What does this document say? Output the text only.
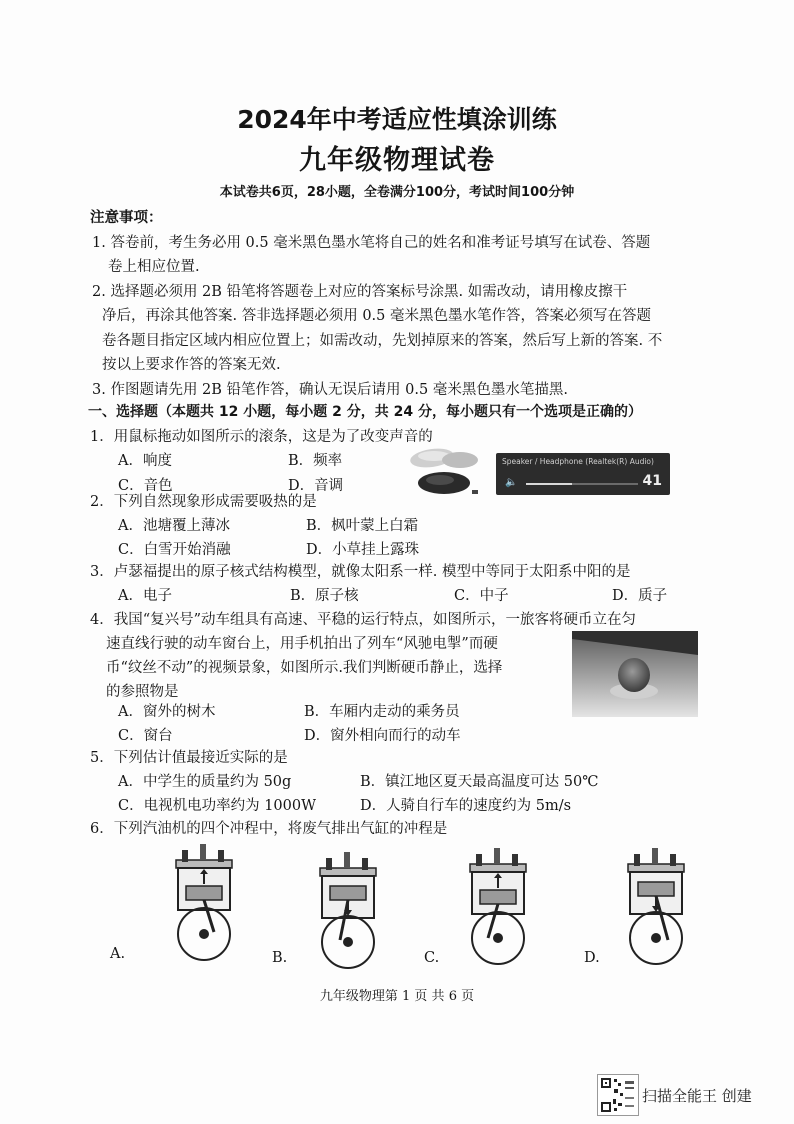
2024年中考适应性填涂训练
九年级物理试卷
本试卷共6页，28小题，全卷满分100分，考试时间100分钟
注意事项：
1. 答卷前，考生务必用 0.5 毫米黑色墨水笔将自己的姓名和准考证号填写在试卷、答题
卷上相应位置.
2. 选择题必须用 2B 铅笔将答题卷上对应的答案标号涂黑. 如需改动，请用橡皮擦干
净后，再涂其他答案. 答非选择题必须用 0.5 毫米黑色墨水笔作答，答案必须写在答题
卷各题目指定区域内相应位置上；如需改动，先划掉原来的答案，然后写上新的答案. 不
按以上要求作答的答案无效.
3. 作图题请先用 2B 铅笔作答，确认无误后请用 0.5 毫米黑色墨水笔描黑.
一、选择题（本题共 12 小题，每小题 2 分，共 24 分，每小题只有一个选项是正确的）
1．用鼠标拖动如图所示的滚条，这是为了改变声音的
A．响度	B．频率
C．音色	D．音调
Speaker / Headphone (Realtek(R) Audio)
🔈	41
2．下列自然现象形成需要吸热的是
A．池塘覆上薄冰	B．枫叶蒙上白霜
C．白雪开始消融	D．小草挂上露珠
3．卢瑟福提出的原子核式结构模型，就像太阳系一样. 模型中等同于太阳系中阳的是
A．电子	B．原子核	C．中子	D．质子
4．我国“复兴号”动车组具有高速、平稳的运行特点，如图所示，一旅客将硬币立在匀
速直线行驶的动车窗台上，用手机拍出了列车“风驰电掣”而硬
币“纹丝不动”的视频景象，如图所示.我们判断硬币静止，选择
的参照物是
A．窗外的树木	B．车厢内走动的乘务员
C．窗台	D．窗外相向而行的动车
5．下列估计值最接近实际的是
A．中学生的质量约为 50g	B．镇江地区夏天最高温度可达 50℃
C．电视机电功率约为 1000W	D．人骑自行车的速度约为 5m/s
6．下列汽油机的四个冲程中，将废气排出气缸的冲程是
A.	B.	C.	D.
九年级物理第 1 页 共 6 页
扫描全能王 创建
